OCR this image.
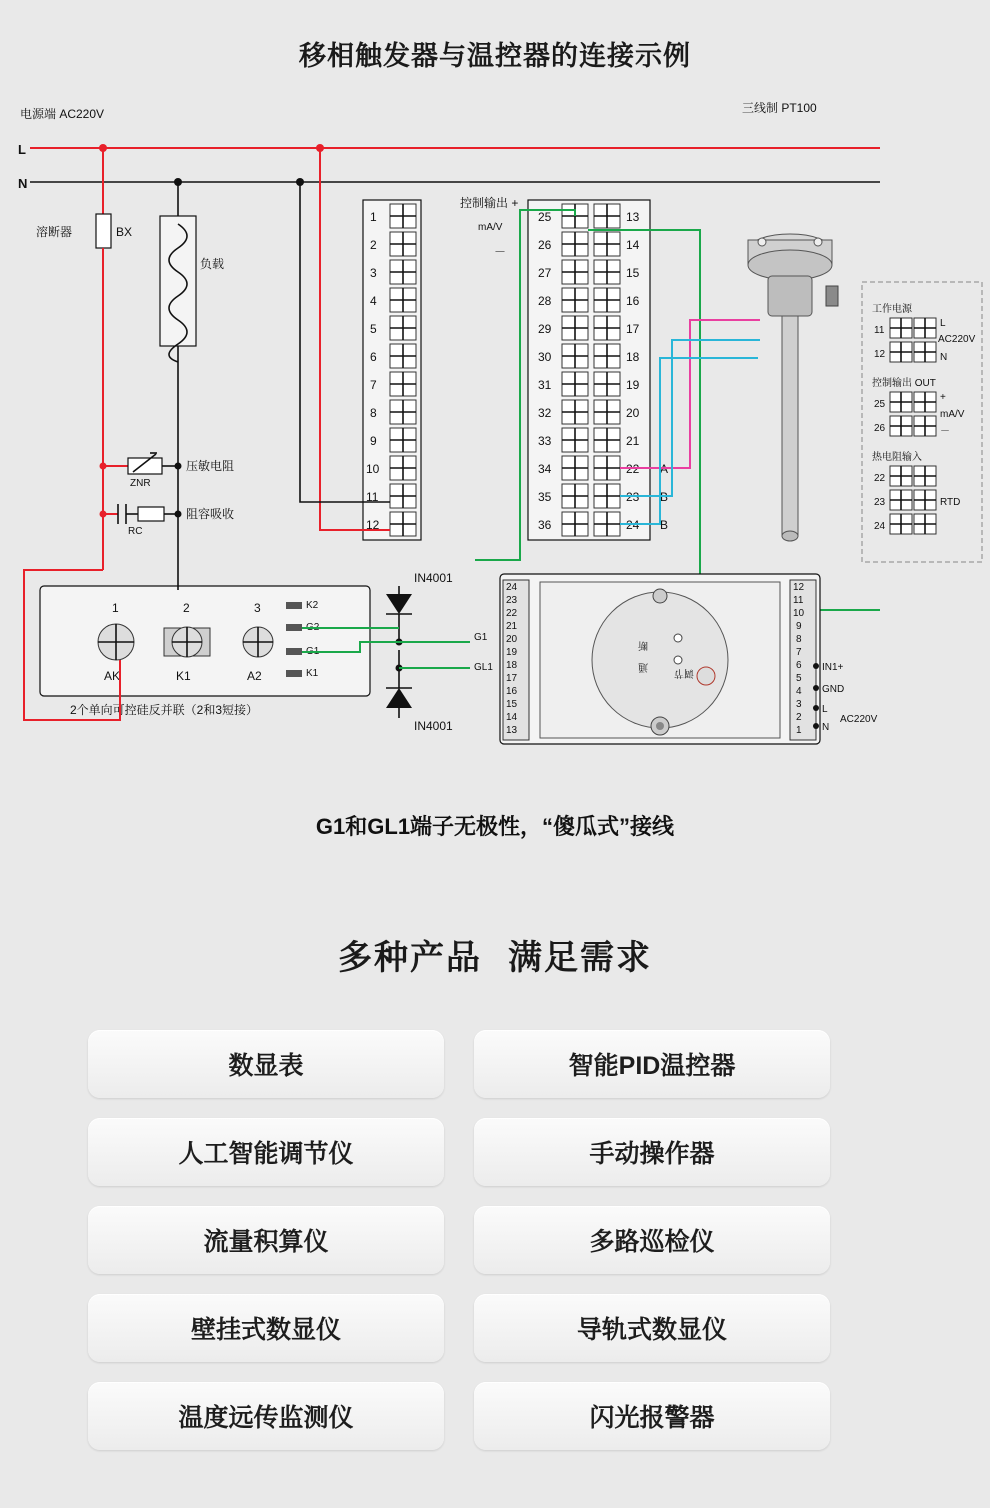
移相触发器与温控器的连接示例
电源端 AC220V
L
N
溶断器	BX
负载
压敏电阻
ZNR
阻容吸收
RC
1
2
3
4
5
6
7
8
9
10
11
12
25
26
27
28
29
30
31
32
33
34
35
36
13
14
15
16
17
18
19
20
21
22
23
24
控制输出 +
mA/V
－
A
B
B
三线制 PT100
工作电源
11
L
12	N
AC220V
控制输出 OUT
25
+
26	－
mA/V
热电阻输入
22
23	RTD
24
1
AK
2
K1
3
A2
K2
G2
G1
K1
2个单向可控硅反并联（2和3短接）
IN4001
IN4001
G1
GL1
24
23
22
21
20
19
18
17
16
15
14
13
12
11
10
9
8
7
6
5
4
3
2
1
断
通
调节	IN1+
GND
L
N
AC220V
G1和GL1端子无极性，“傻瓜式”接线
多种产品 满足需求
数显表	智能PID温控器
人工智能调节仪	手动操作器
流量积算仪	多路巡检仪
壁挂式数显仪	导轨式数显仪
温度远传监测仪	闪光报警器
